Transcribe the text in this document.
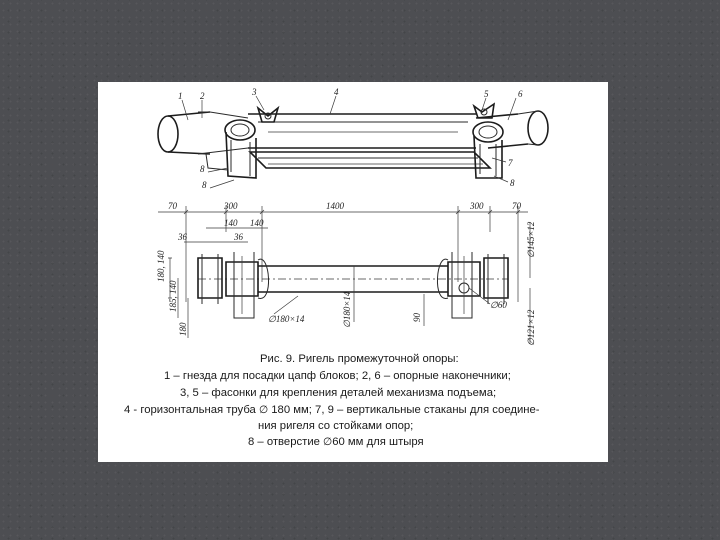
1 2	3	4	5	6
7
8
8
8
70	300	1400	300	70
140 140
36	36
∅60
180, 140
185, 140
180
∅180×14	∅180×14	90
∅145×12
∅121×12
Рис. 9. Ригель промежуточной опоры:
1 – гнезда для посадки цапф блоков; 2, 6 – опорные наконечники;
3, 5 – фасонки для крепления деталей механизма подъема;
4 - горизонтальная труба ∅ 180 мм; 7, 9 – вертикальные стаканы для соедине-
ния ригеля со стойками опор;
8 – отверстие ∅60 мм для штыря
